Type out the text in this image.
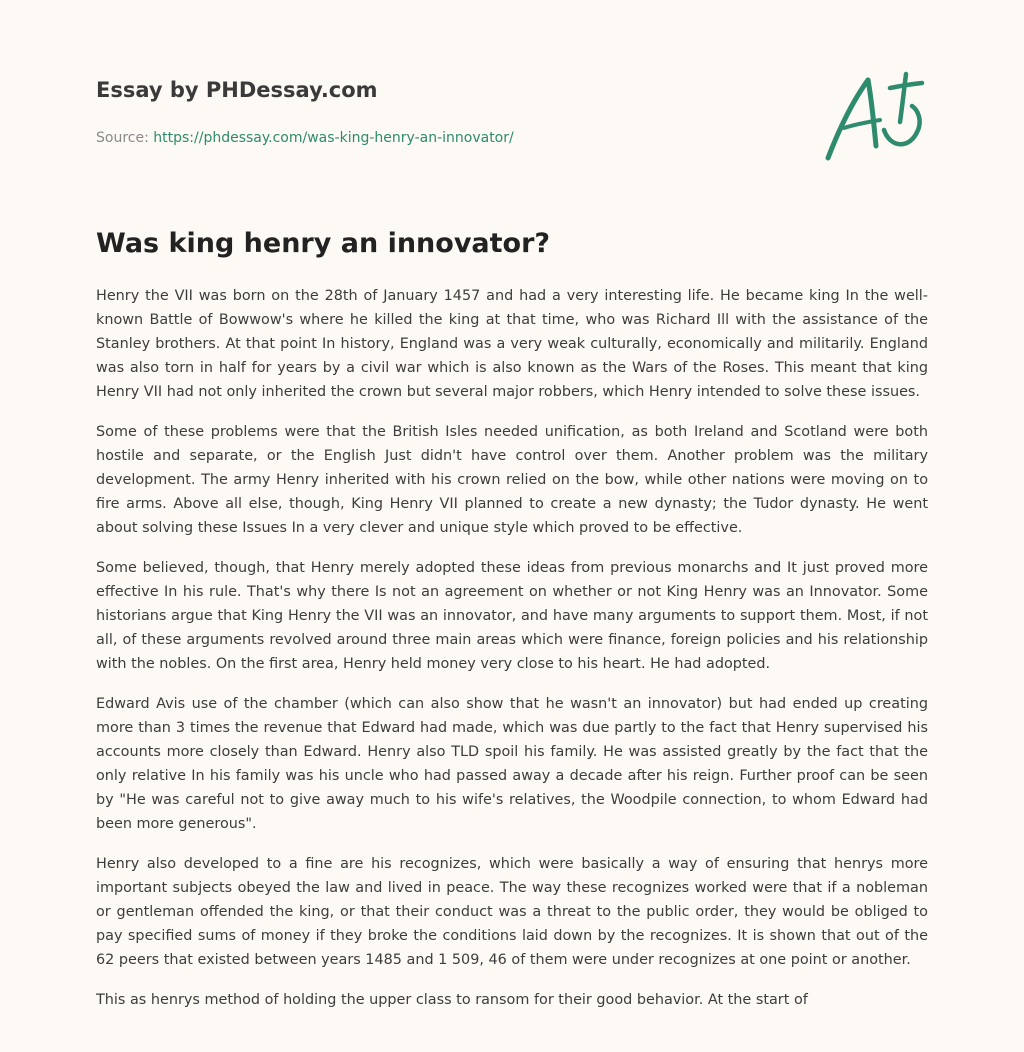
Essay by PHDessay.com
Source: https://phdessay.com/was-king-henry-an-innovator/
Was king henry an innovator?

Henry the VII was born on the 28th of January 1457 and had a very interesting life. He became king In the well-known Battle of Bowwow's where he killed the king at that time, who was Richard Ill with the assistance of the Stanley brothers. At that point In history, England was a very weak culturally, economically and militarily. England was also torn in half for years by a civil war which is also known as the Wars of the Roses. This meant that king Henry VII had not only inherited the crown but several major robbers, which Henry intended to solve these issues.

Some of these problems were that the British Isles needed unification, as both Ireland and Scotland were both hostile and separate, or the English Just didn't have control over them. Another problem was the military development. The army Henry inherited with his crown relied on the bow, while other nations were moving on to fire arms. Above all else, though, King Henry VII planned to create a new dynasty; the Tudor dynasty. He went about solving these Issues In a very clever and unique style which proved to be effective.

Some believed, though, that Henry merely adopted these ideas from previous monarchs and It just proved more effective In his rule. That's why there Is not an agreement on whether or not King Henry was an Innovator. Some historians argue that King Henry the VII was an innovator, and have many arguments to support them. Most, if not all, of these arguments revolved around three main areas which were finance, foreign policies and his relationship with the nobles. On the first area, Henry held money very close to his heart. He had adopted.

Edward Avis use of the chamber (which can also show that he wasn't an innovator) but had ended up creating more than 3 times the revenue that Edward had made, which was due partly to the fact that Henry supervised his accounts more closely than Edward. Henry also TLD spoil his family. He was assisted greatly by the fact that the only relative In his family was his uncle who had passed away a decade after his reign. Further proof can be seen by "He was careful not to give away much to his wife's relatives, the Woodpile connection, to whom Edward had been more generous".

Henry also developed to a fine are his recognizes, which were basically a way of ensuring that henrys more important subjects obeyed the law and lived in peace. The way these recognizes worked were that if a nobleman or gentleman offended the king, or that their conduct was a threat to the public order, they would be obliged to pay specified sums of money if they broke the conditions laid down by the recognizes. It is shown that out of the 62 peers that existed between years 1485 and 1 509, 46 of them were under recognizes at one point or another.

This as henrys method of holding the upper class to ransom for their good behavior. At the start of
